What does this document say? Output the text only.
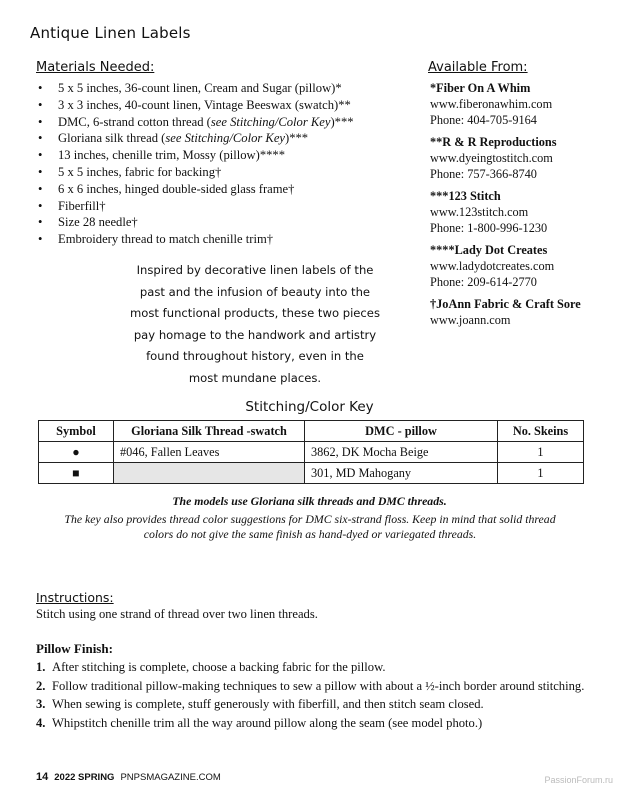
Antique Linen Labels
Materials Needed:
• 5 x 5 inches, 36-count linen, Cream and Sugar (pillow)*
• 3 x 3 inches, 40-count linen, Vintage Beeswax (swatch)**
• DMC, 6-strand cotton thread (see Stitching/Color Key)***
• Gloriana silk thread (see Stitching/Color Key)***
• 13 inches, chenille trim, Mossy (pillow)****
• 5 x 5 inches, fabric for backing†
• 6 x 6 inches, hinged double-sided glass frame†
• Fiberfill†
• Size 28 needle†
• Embroidery thread to match chenille trim†
Inspired by decorative linen labels of the past and the infusion of beauty into the most functional products, these two pieces pay homage to the handwork and artistry found throughout history, even in the most mundane places.
Available From:
*Fiber On A Whim
www.fiberonawhim.com
Phone: 404-705-9164
**R & R Reproductions
www.dyeingtostitch.com
Phone: 757-366-8740
***123 Stitch
www.123stitch.com
Phone: 1-800-996-1230
****Lady Dot Creates
www.ladydotcreates.com
Phone: 209-614-2770
†JoAnn Fabric & Craft Sore
www.joann.com
Stitching/Color Key
Symbol	Gloriana Silk Thread -swatch	DMC - pillow	No. Skeins
●	#046, Fallen Leaves	3862, DK Mocha Beige	1
■		301, MD Mahogany	1
The models use Gloriana silk threads and DMC threads.
The key also provides thread color suggestions for DMC six-strand floss. Keep in mind that solid thread colors do not give the same finish as hand-dyed or variegated threads.
Instructions:
Stitch using one strand of thread over two linen threads.
Pillow Finish:
1. After stitching is complete, choose a backing fabric for the pillow.
2. Follow traditional pillow-making techniques to sew a pillow with about a ½-inch border around stitching.
3. When sewing is complete, stuff generously with fiberfill, and then stitch seam closed.
4. Whipstitch chenille trim all the way around pillow along the seam (see model photo.)
14 2022 SPRING PNPSMAGAZINE.COM	PassionForum.ru
